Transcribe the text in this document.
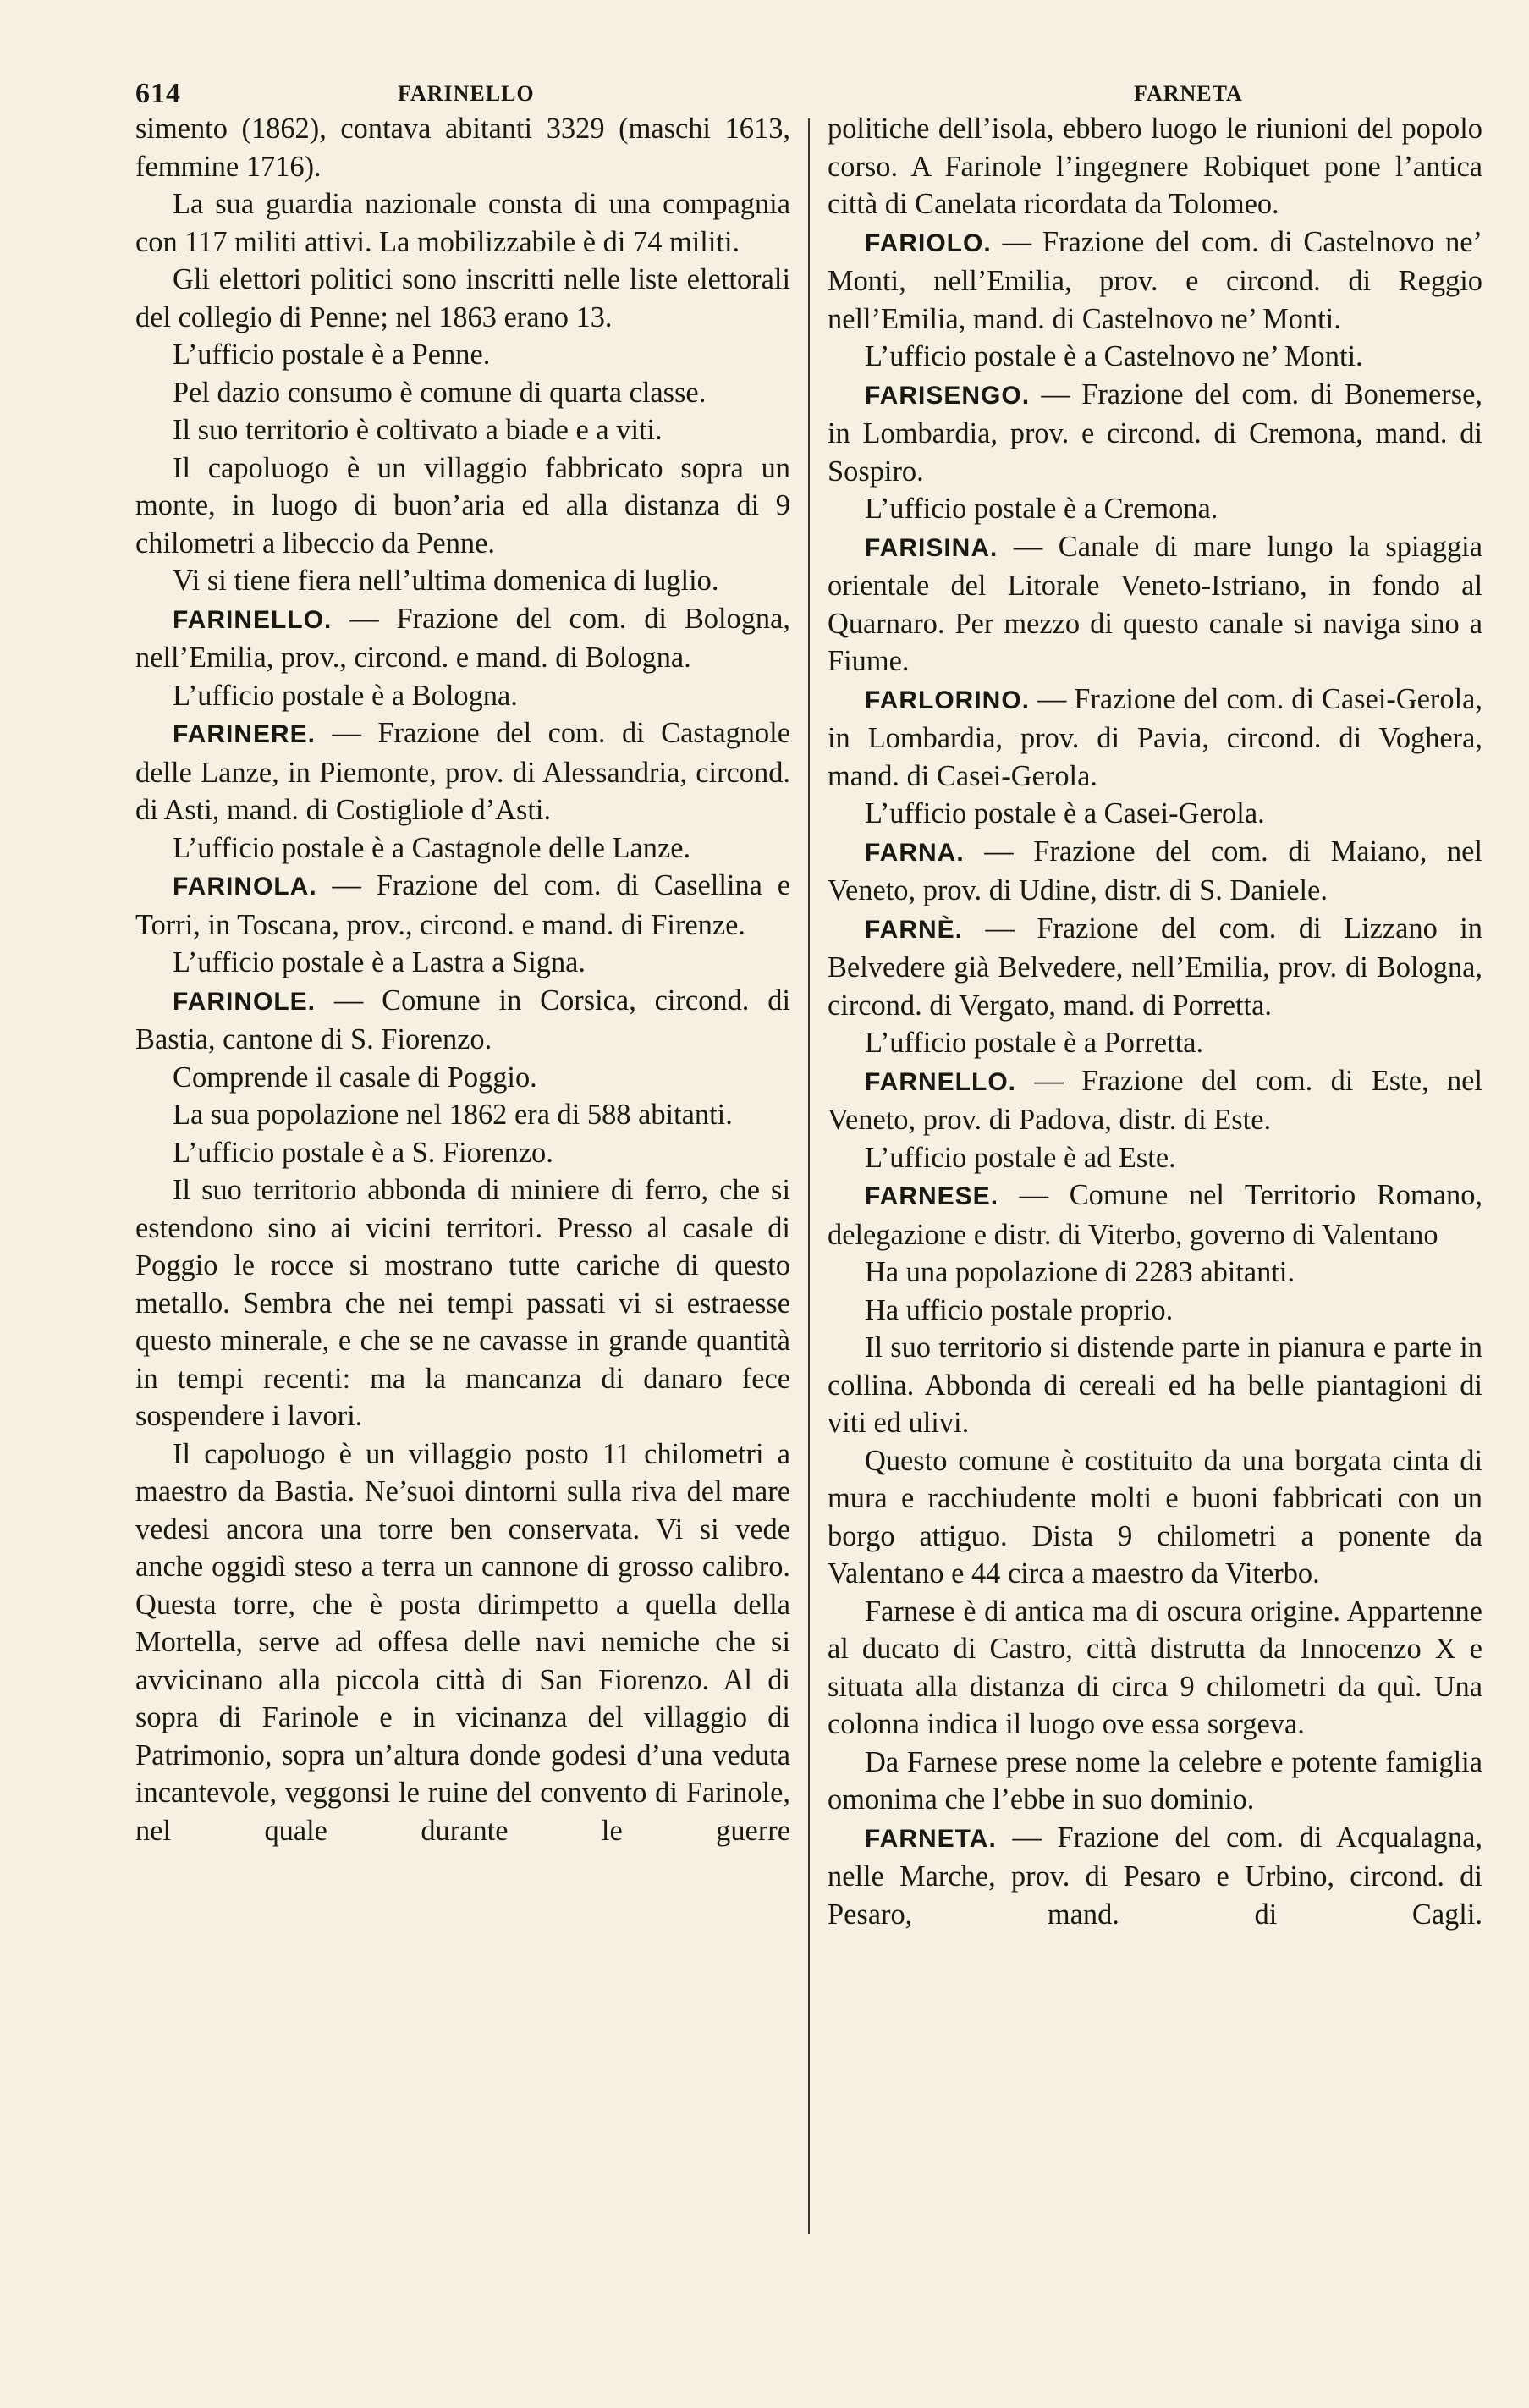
614	FARINELLO	FARNETA

simento (1862), contava abitanti 3329 (maschi 1613, femmine 1716).

La sua guardia nazionale consta di una compagnia con 117 militi attivi. La mobilizzabile è di 74 militi.

Gli elettori politici sono inscritti nelle liste elettorali del collegio di Penne; nel 1863 erano 13.

L’ufficio postale è a Penne.

Pel dazio consumo è comune di quarta classe.

Il suo territorio è coltivato a biade e a viti.

Il capoluogo è un villaggio fabbricato sopra un monte, in luogo di buon’aria ed alla distanza di 9 chilometri a libeccio da Penne.

Vi si tiene fiera nell’ultima domenica di luglio.

FARINELLO. — Frazione del com. di Bologna, nell’Emilia, prov., circond. e mand. di Bologna.

L’ufficio postale è a Bologna.

FARINERE. — Frazione del com. di Castagnole delle Lanze, in Piemonte, prov. di Alessandria, circond. di Asti, mand. di Costigliole d’Asti.

L’ufficio postale è a Castagnole delle Lanze.

FARINOLA. — Frazione del com. di Casellina e Torri, in Toscana, prov., circond. e mand. di Firenze.

L’ufficio postale è a Lastra a Signa.

FARINOLE. — Comune in Corsica, circond. di Bastia, cantone di S. Fiorenzo.

Comprende il casale di Poggio.

La sua popolazione nel 1862 era di 588 abitanti.

L’ufficio postale è a S. Fiorenzo.

Il suo territorio abbonda di miniere di ferro, che si estendono sino ai vicini territori. Presso al casale di Poggio le rocce si mostrano tutte cariche di questo metallo. Sembra che nei tempi passati vi si estraesse questo minerale, e che se ne cavasse in grande quantità in tempi recenti: ma la mancanza di danaro fece sospendere i lavori.

Il capoluogo è un villaggio posto 11 chilometri a maestro da Bastia. Ne’suoi dintorni sulla riva del mare vedesi ancora una torre ben conservata. Vi si vede anche oggidì steso a terra un cannone di grosso calibro. Questa torre, che è posta dirimpetto a quella della Mortella, serve ad offesa delle navi nemiche che si avvicinano alla piccola città di San Fiorenzo. Al di sopra di Farinole e in vicinanza del villaggio di Patrimonio, sopra un’altura donde godesi d’una veduta incantevole, veggonsi le ruine del convento di Farinole, nel quale durante le guerre

politiche dell’isola, ebbero luogo le riunioni del popolo corso. A Farinole l’ingegnere Robiquet pone l’antica città di Canelata ricordata da Tolomeo.

FARIOLO. — Frazione del com. di Castelnovo ne’ Monti, nell’Emilia, prov. e circond. di Reggio nell’Emilia, mand. di Castelnovo ne’ Monti.

L’ufficio postale è a Castelnovo ne’ Monti.

FARISENGO. — Frazione del com. di Bonemerse, in Lombardia, prov. e circond. di Cremona, mand. di Sospiro.

L’ufficio postale è a Cremona.

FARISINA. — Canale di mare lungo la spiaggia orientale del Litorale Veneto-Istriano, in fondo al Quarnaro. Per mezzo di questo canale si naviga sino a Fiume.

FARLORINO. — Frazione del com. di Casei-Gerola, in Lombardia, prov. di Pavia, circond. di Voghera, mand. di Casei-Gerola.

L’ufficio postale è a Casei-Gerola.

FARNA. — Frazione del com. di Maiano, nel Veneto, prov. di Udine, distr. di S. Daniele.

FARNÈ. — Frazione del com. di Lizzano in Belvedere già Belvedere, nell’Emilia, prov. di Bologna, circond. di Vergato, mand. di Porretta.

L’ufficio postale è a Porretta.

FARNELLO. — Frazione del com. di Este, nel Veneto, prov. di Padova, distr. di Este.

L’ufficio postale è ad Este.

FARNESE. — Comune nel Territorio Romano, delegazione e distr. di Viterbo, governo di Valentano

Ha una popolazione di 2283 abitanti.

Ha ufficio postale proprio.

Il suo territorio si distende parte in pianura e parte in collina. Abbonda di cereali ed ha belle piantagioni di viti ed ulivi.

Questo comune è costituito da una borgata cinta di mura e racchiudente molti e buoni fabbricati con un borgo attiguo. Dista 9 chilometri a ponente da Valentano e 44 circa a maestro da Viterbo.

Farnese è di antica ma di oscura origine. Appartenne al ducato di Castro, città distrutta da Innocenzo X e situata alla distanza di circa 9 chilometri da quì. Una colonna indica il luogo ove essa sorgeva.

Da Farnese prese nome la celebre e potente famiglia omonima che l’ebbe in suo dominio.

FARNETA. — Frazione del com. di Acqualagna, nelle Marche, prov. di Pesaro e Urbino, circond. di Pesaro, mand. di Cagli.
